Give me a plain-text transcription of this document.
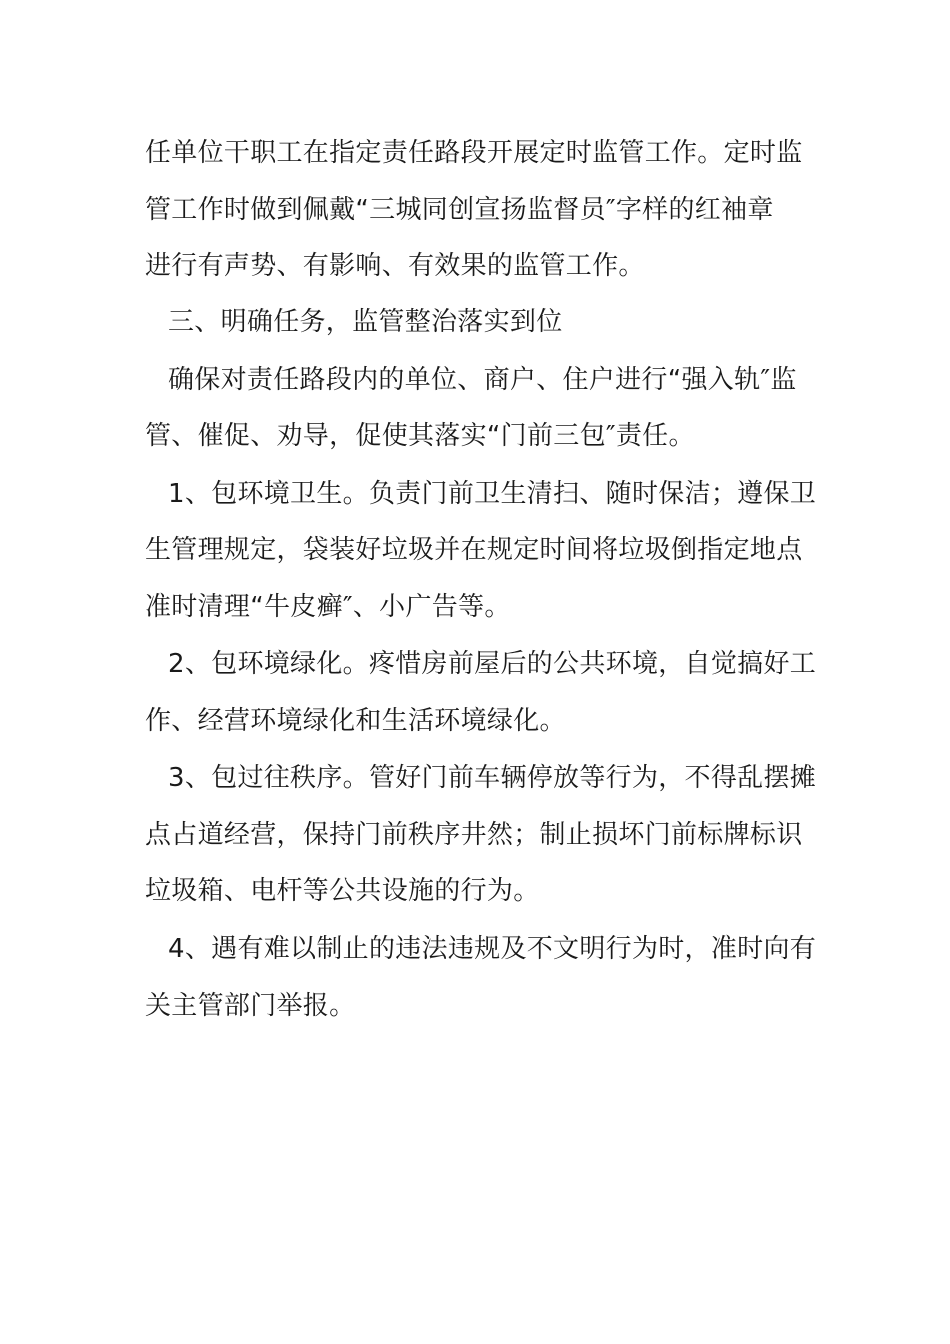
任单位干职工在指定责任路段开展定时监管工作。定时监
管工作时做到佩戴“三城同创宣扬监督员″字样的红袖章
进行有声势、有影响、有效果的监管工作。
三、明确任务，监管整治落实到位
确保对责任路段内的单位、商户、住户进行“强入轨″监
管、催促、劝导，促使其落实“门前三包″责任。
1、包环境卫生。负责门前卫生清扫、随时保洁；遵保卫
生管理规定，袋装好垃圾并在规定时间将垃圾倒指定地点
准时清理“牛皮癣″、小广告等。
2、包环境绿化。疼惜房前屋后的公共环境，自觉搞好工
作、经营环境绿化和生活环境绿化。
3、包过往秩序。管好门前车辆停放等行为，不得乱摆摊
点占道经营，保持门前秩序井然；制止损坏门前标牌标识
垃圾箱、电杆等公共设施的行为。
4、遇有难以制止的违法违规及不文明行为时，准时向有
关主管部门举报。
